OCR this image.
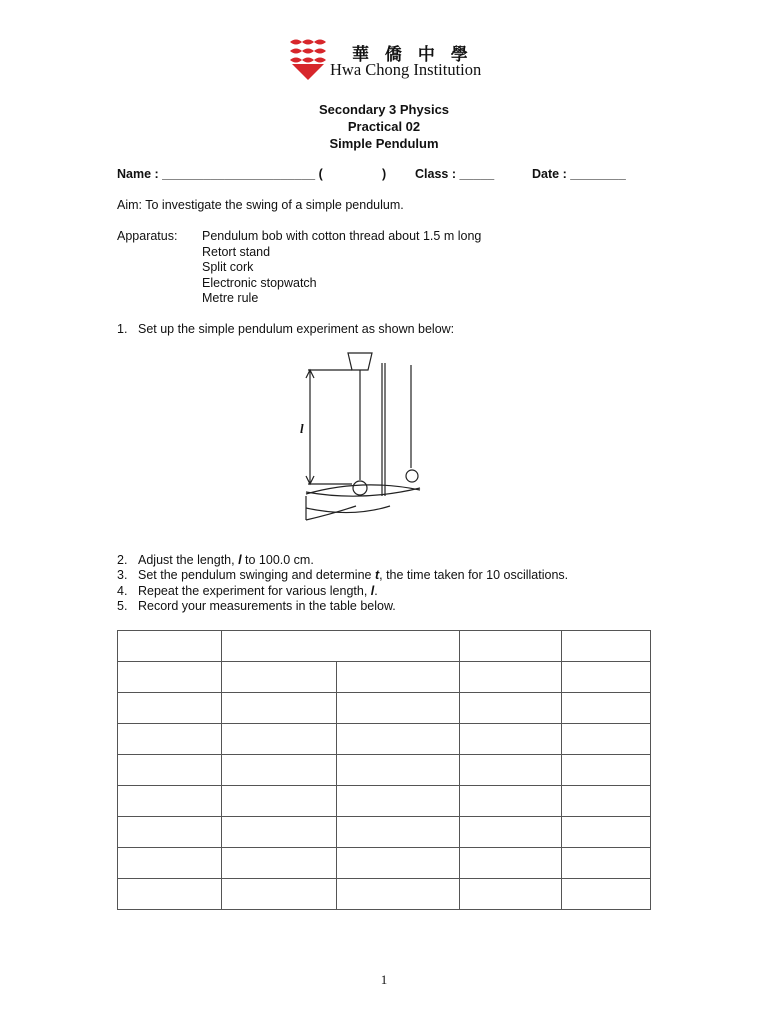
華 僑 中 學
Hwa Chong Institution
Secondary 3 Physics
Practical 02
Simple Pendulum
Name : ______________________ (	) Class : _____	Date : ________
Aim: To investigate the swing of a simple pendulum.
Apparatus: Pendulum bob with cotton thread about 1.5 m long
Retort stand
Split cork
Electronic stopwatch
Metre rule
1. Set up the simple pendulum experiment as shown below:
l
2. Adjust the length, l to 100.0 cm.
3. Set the pendulum swinging and determine t, the time taken for 10 oscillations.
4. Repeat the experiment for various length, l.
5. Record your measurements in the table below.

1
